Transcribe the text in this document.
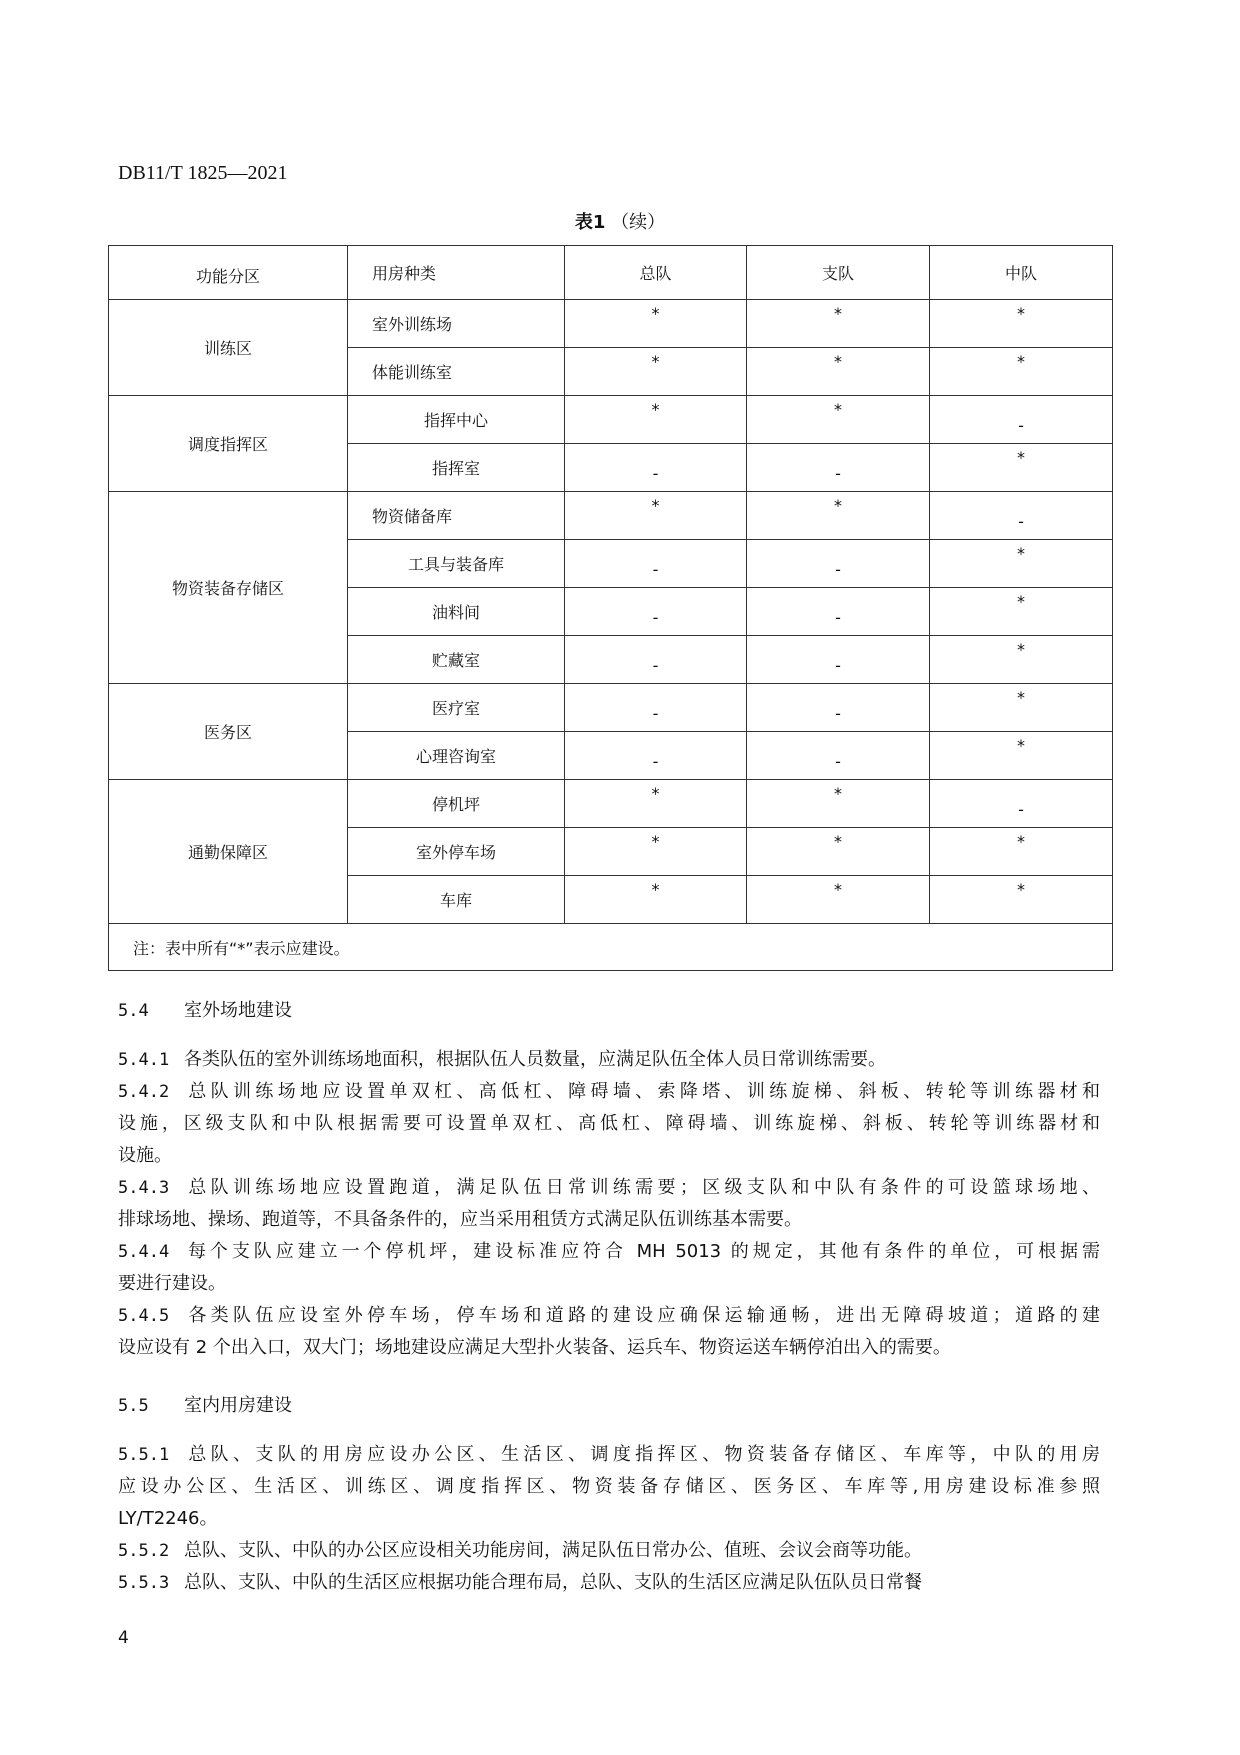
DB11/T 1825—2021
表1 （续）
功能分区	用房种类	总队	支队	中队
训练区	室外训练场	*	*	*
	体能训练室	*	*	*
调度指挥区	指挥中心	*	*	-
	指挥室	-	-	*
物资装备存储区	物资储备库	*	*	-
	工具与装备库	-	-	*
	油料间	-	-	*
	贮藏室	-	-	*
医务区	医疗室	-	-	*
	心理咨询室	-	-	*
通勤保障区	停机坪	*	*	-
	室外停车场	*	*	*
	车库	*	*	*
注：表中所有“*”表示应建设。				
5.4 室外场地建设
5.4.1 各类队伍的室外训练场地面积，根据队伍人员数量，应满足队伍全体人员日常训练需要。
5.4.2 总队训练场地应设置单双杠、高低杠、障碍墙、索降塔、训练旋梯、斜板、转轮等训练器材和
设施，区级支队和中队根据需要可设置单双杠、高低杠、障碍墙、训练旋梯、斜板、转轮等训练器材和
设施。
5.4.3 总队训练场地应设置跑道，满足队伍日常训练需要；区级支队和中队有条件的可设篮球场地、
排球场地、操场、跑道等，不具备条件的，应当采用租赁方式满足队伍训练基本需要。
5.4.4 每个支队应建立一个停机坪，建设标准应符合 MH 5013 的规定，其他有条件的单位，可根据需
要进行建设。
5.4.5 各类队伍应设室外停车场，停车场和道路的建设应确保运输通畅，进出无障碍坡道；道路的建
设应设有 2 个出入口，双大门；场地建设应满足大型扑火装备、运兵车、物资运送车辆停泊出入的需要。
5.5 室内用房建设
5.5.1 总队、支队的用房应设办公区、生活区、调度指挥区、物资装备存储区、车库等，中队的用房
应设办公区、生活区、训练区、调度指挥区、物资装备存储区、医务区、车库等,用房建设标准参照
LY/T2246。
5.5.2 总队、支队、中队的办公区应设相关功能房间，满足队伍日常办公、值班、会议会商等功能。
5.5.3 总队、支队、中队的生活区应根据功能合理布局，总队、支队的生活区应满足队伍队员日常餐
4
